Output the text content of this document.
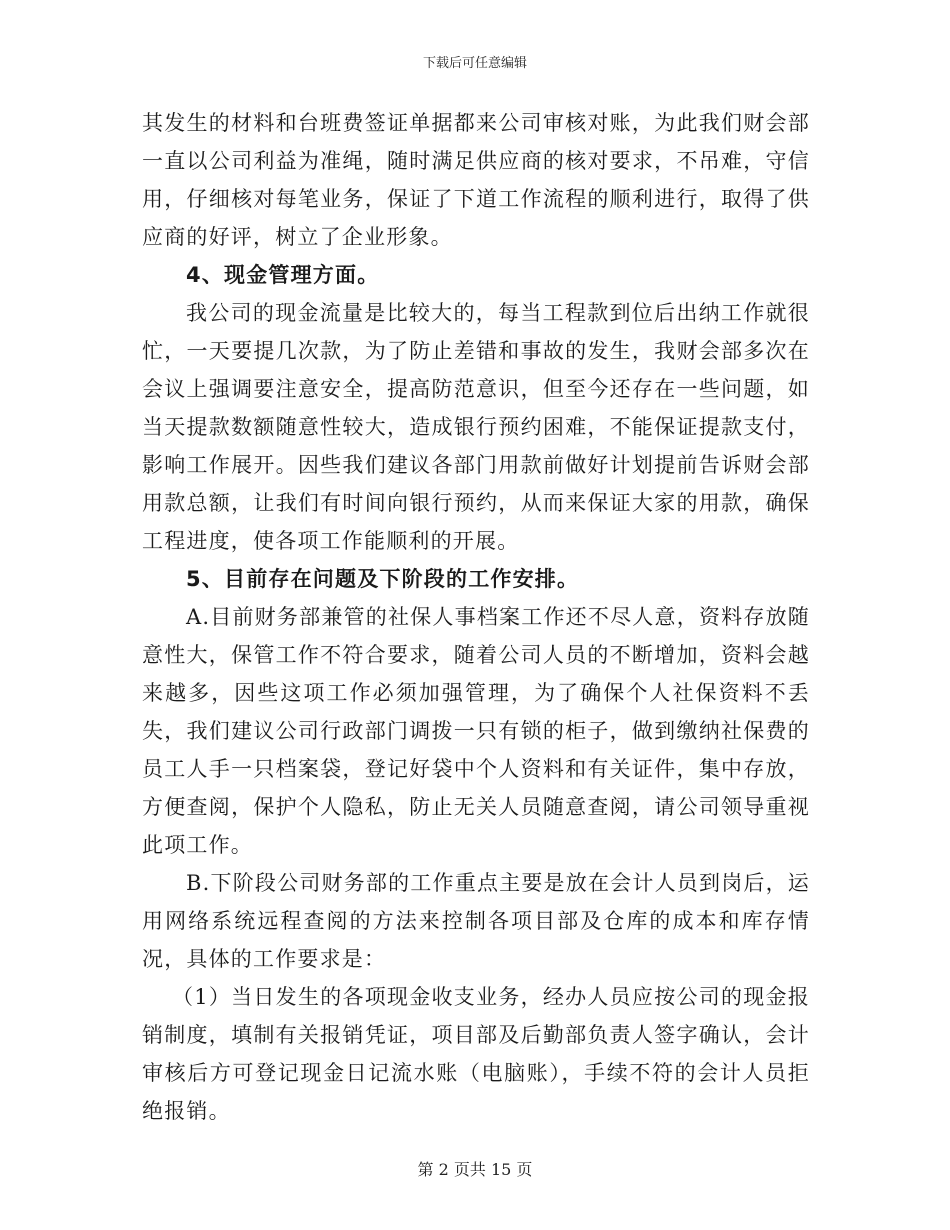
下载后可任意编辑

其发生的材料和台班费签证单据都来公司审核对账，为此我们财会部一直以公司利益为准绳，随时满足供应商的核对要求，不吊难，守信用，仔细核对每笔业务，保证了下道工作流程的顺利进行，取得了供应商的好评，树立了企业形象。

4、现金管理方面。

我公司的现金流量是比较大的，每当工程款到位后出纳工作就很忙，一天要提几次款，为了防止差错和事故的发生，我财会部多次在会议上强调要注意安全，提高防范意识，但至今还存在一些问题，如当天提款数额随意性较大，造成银行预约困难，不能保证提款支付，影响工作展开。因些我们建议各部门用款前做好计划提前告诉财会部用款总额，让我们有时间向银行预约，从而来保证大家的用款，确保工程进度，使各项工作能顺利的开展。

5、目前存在问题及下阶段的工作安排。

A.目前财务部兼管的社保人事档案工作还不尽人意，资料存放随意性大，保管工作不符合要求，随着公司人员的不断增加，资料会越来越多，因些这项工作必须加强管理，为了确保个人社保资料不丢失，我们建议公司行政部门调拨一只有锁的柜子，做到缴纳社保费的员工人手一只档案袋，登记好袋中个人资料和有关证件，集中存放，方便查阅，保护个人隐私，防止无关人员随意查阅，请公司领导重视此项工作。

B.下阶段公司财务部的工作重点主要是放在会计人员到岗后，运用网络系统远程查阅的方法来控制各项目部及仓库的成本和库存情况，具体的工作要求是：

（1）当日发生的各项现金收支业务，经办人员应按公司的现金报销制度，填制有关报销凭证，项目部及后勤部负责人签字确认，会计审核后方可登记现金日记流水账（电脑账），手续不符的会计人员拒绝报销。

第 2 页共 15 页
